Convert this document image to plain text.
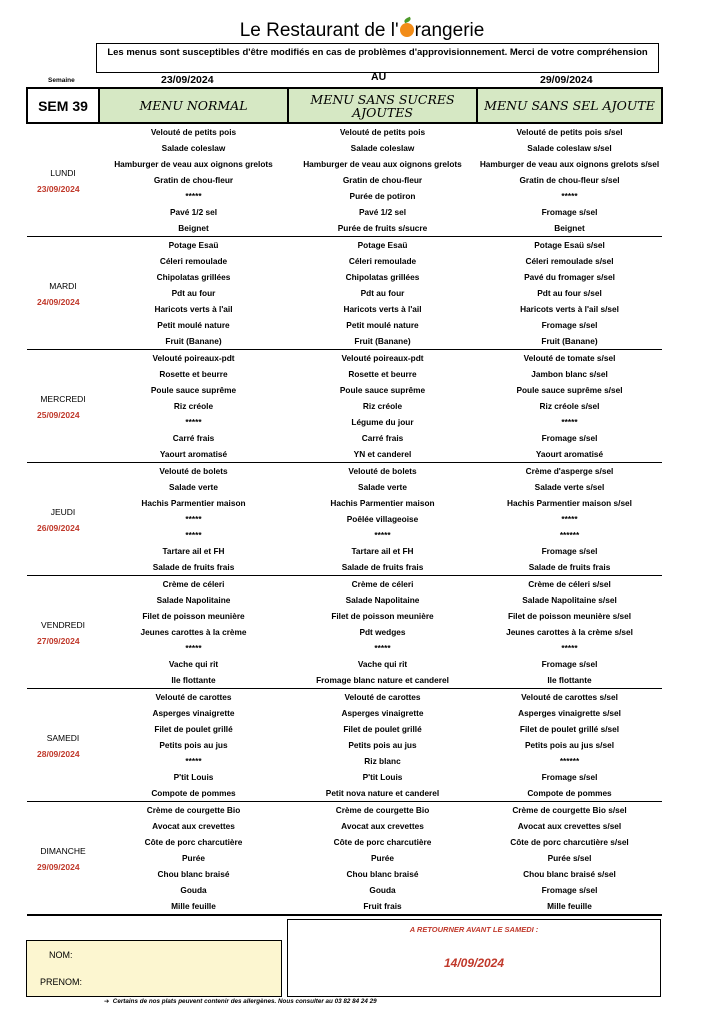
Le Restaurant de l' rangerie
Les menus sont susceptibles d'être modifiés en cas de problèmes d'approvisionnement. Merci de votre compréhension
Semaine	23/09/2024	AU	29/09/2024
SEM 39	MENU NORMAL	MENU SANS SUCRES AJOUTES	MENU SANS SEL AJOUTE

LUNDI
23/09/2024	Velouté de petits pois	Velouté de petits pois	Velouté de petits pois s/sel
	Salade coleslaw	Salade coleslaw	Salade coleslaw s/sel
	Hamburger de veau aux oignons grelots	Hamburger de veau aux oignons grelots	Hamburger de veau aux oignons grelots s/sel
	Gratin de chou-fleur	Gratin de chou-fleur	Gratin de chou-fleur s/sel
	*****	Purée de potiron	*****
	Pavé 1/2 sel	Pavé 1/2 sel	Fromage s/sel
	Beignet	Purée de fruits s/sucre	Beignet

MARDI
24/09/2024	Potage Esaü	Potage Esaü	Potage Esaü s/sel
	Céleri remoulade	Céleri remoulade	Céleri remoulade s/sel
	Chipolatas grillées	Chipolatas grillées	Pavé du fromager s/sel
	Pdt au four	Pdt au four	Pdt au four s/sel
	Haricots verts à l'ail	Haricots verts à l'ail	Haricots verts à l'ail s/sel
	Petit moulé nature	Petit moulé nature	Fromage s/sel
	Fruit (Banane)	Fruit (Banane)	Fruit (Banane)

MERCREDI
25/09/2024	Velouté poireaux-pdt	Velouté poireaux-pdt	Velouté de tomate s/sel
	Rosette et beurre	Rosette et beurre	Jambon blanc s/sel
	Poule sauce suprême	Poule sauce suprême	Poule sauce suprême s/sel
	Riz créole	Riz créole	Riz créole s/sel
	*****	Légume du jour	*****
	Carré frais	Carré frais	Fromage s/sel
	Yaourt aromatisé	YN et canderel	Yaourt aromatisé

JEUDI
26/09/2024	Velouté de bolets	Velouté de bolets	Crème d'asperge s/sel
	Salade verte	Salade verte	Salade verte s/sel
	Hachis Parmentier maison	Hachis Parmentier maison	Hachis Parmentier maison s/sel
	*****	Poêlée villageoise	*****
	*****	*****	******
	Tartare ail et FH	Tartare ail et FH	Fromage s/sel
	Salade de fruits frais	Salade de fruits frais	Salade de fruits frais

VENDREDI
27/09/2024	Crème de céleri	Crème de céleri	Crème de céleri s/sel
	Salade Napolitaine	Salade Napolitaine	Salade Napolitaine s/sel
	Filet de poisson meunière	Filet de poisson meunière	Filet de poisson meunière s/sel
	Jeunes carottes à la crème	Pdt wedges	Jeunes carottes à la crème s/sel
	*****	*****	*****
	Vache qui rit	Vache qui rit	Fromage s/sel
	Ile flottante	Fromage blanc nature et canderel	Ile flottante

SAMEDI
28/09/2024	Velouté de carottes	Velouté de carottes	Velouté de carottes s/sel
	Asperges vinaigrette	Asperges vinaigrette	Asperges vinaigrette s/sel
	Filet de poulet grillé	Filet de poulet grillé	Filet de poulet grillé s/sel
	Petits pois au jus	Petits pois au jus	Petits pois au jus s/sel
	*****	Riz blanc	******
	P'tit Louis	P'tit Louis	Fromage s/sel
	Compote de pommes	Petit nova nature et canderel	Compote de pommes

DIMANCHE
29/09/2024	Crème de courgette Bio	Crème de courgette Bio	Crème de courgette Bio s/sel
	Avocat aux crevettes	Avocat aux crevettes	Avocat aux crevettes s/sel
	Côte de porc charcutière	Côte de porc charcutière	Côte de porc charcutière s/sel
	Purée	Purée	Purée s/sel
	Chou blanc braisé	Chou blanc braisé	Chou blanc braisé s/sel
	Gouda	Gouda	Fromage s/sel
	Mille feuille	Fruit frais	Mille feuille
NOM:
PRENOM:
A RETOURNER AVANT LE SAMEDI :
14/09/2024
➔ Certains de nos plats peuvent contenir des allergènes. Nous consulter au 03 82 84 24 29
